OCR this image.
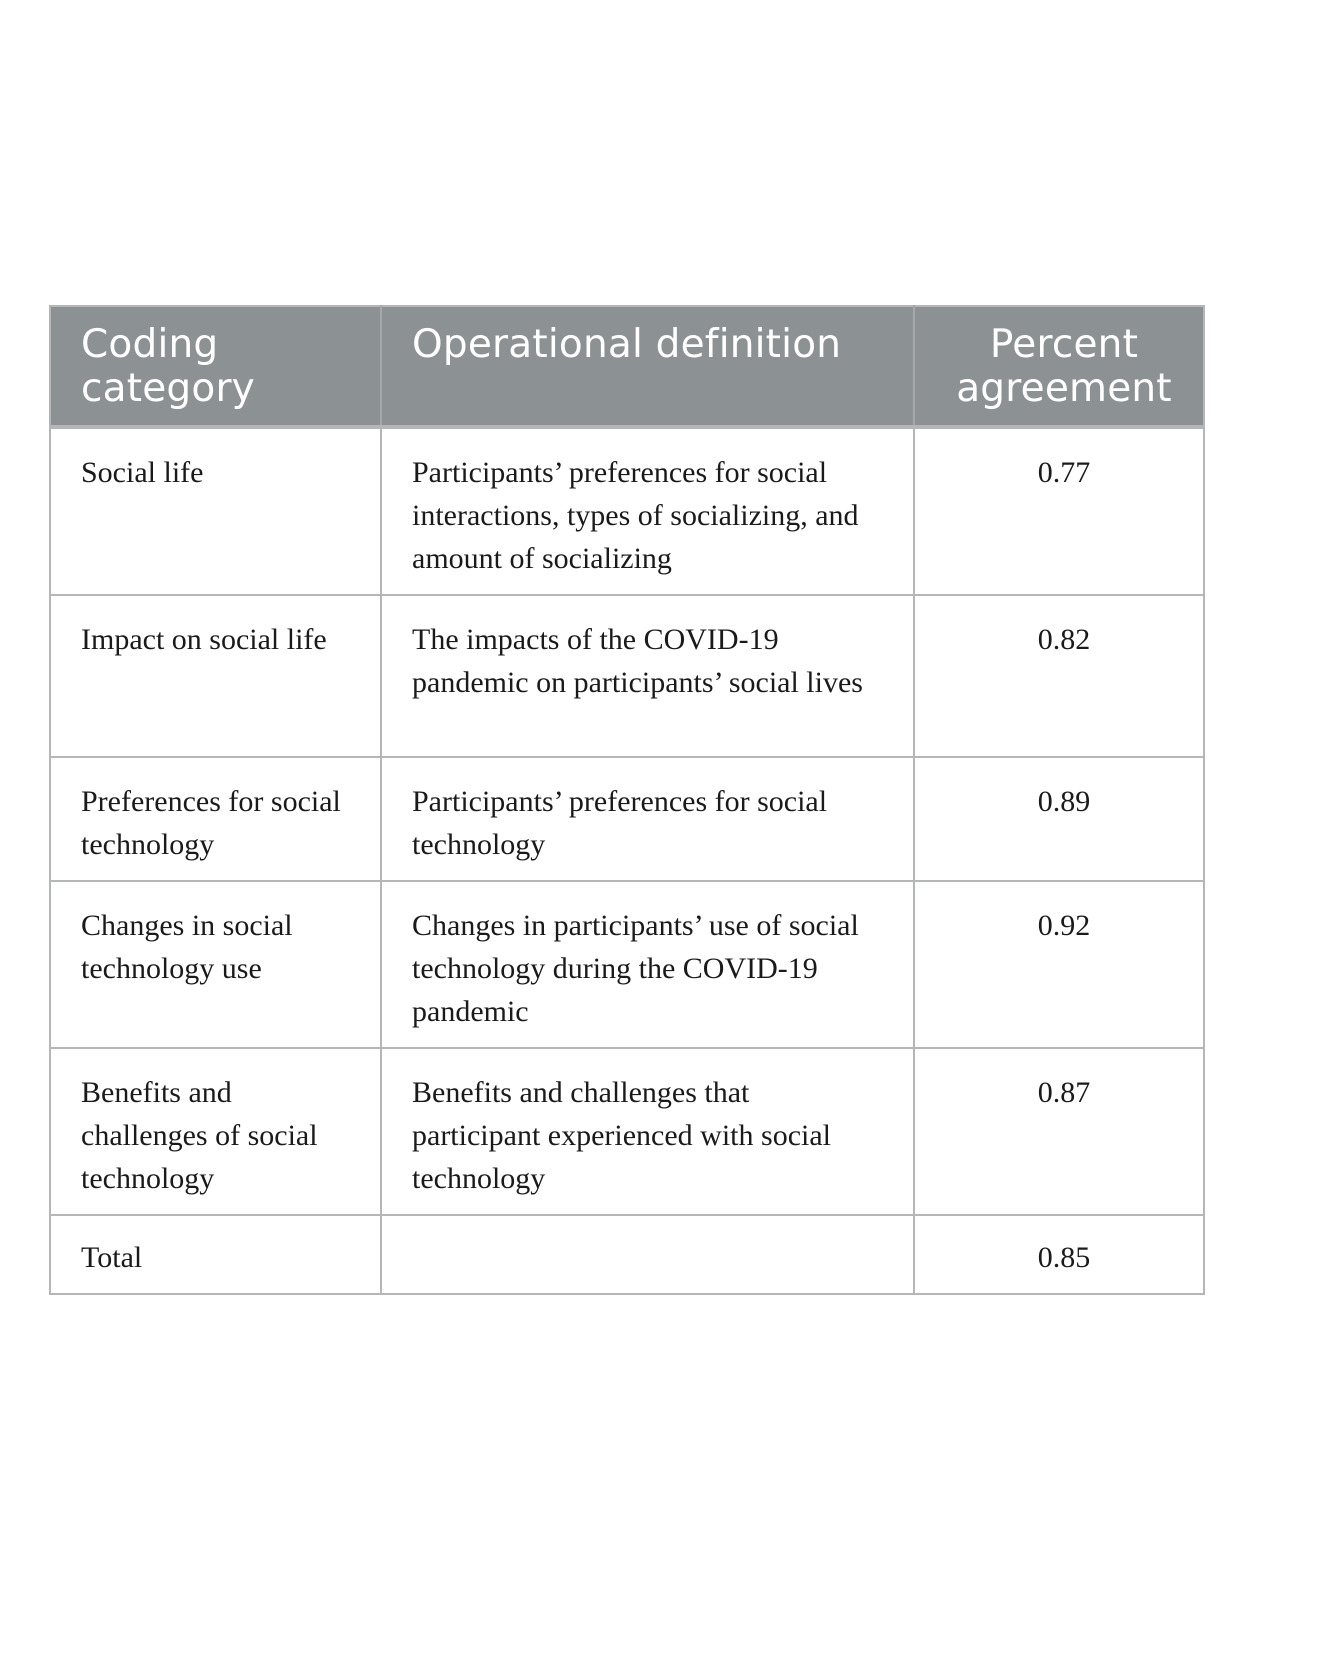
Coding category	Operational definition	Percent agreement
Social life	Participants’ preferences for social interactions, types of socializing, and amount of socializing	0.77
Impact on social life	The impacts of the COVID-19 pandemic on participants’ social lives	0.82
Preferences for social technology	Participants’ preferences for social technology	0.89
Changes in social technology use	Changes in participants’ use of social technology during the COVID-19 pandemic	0.92
Benefits and challenges of social technology	Benefits and challenges that participant experienced with social technology	0.87
Total		0.85
